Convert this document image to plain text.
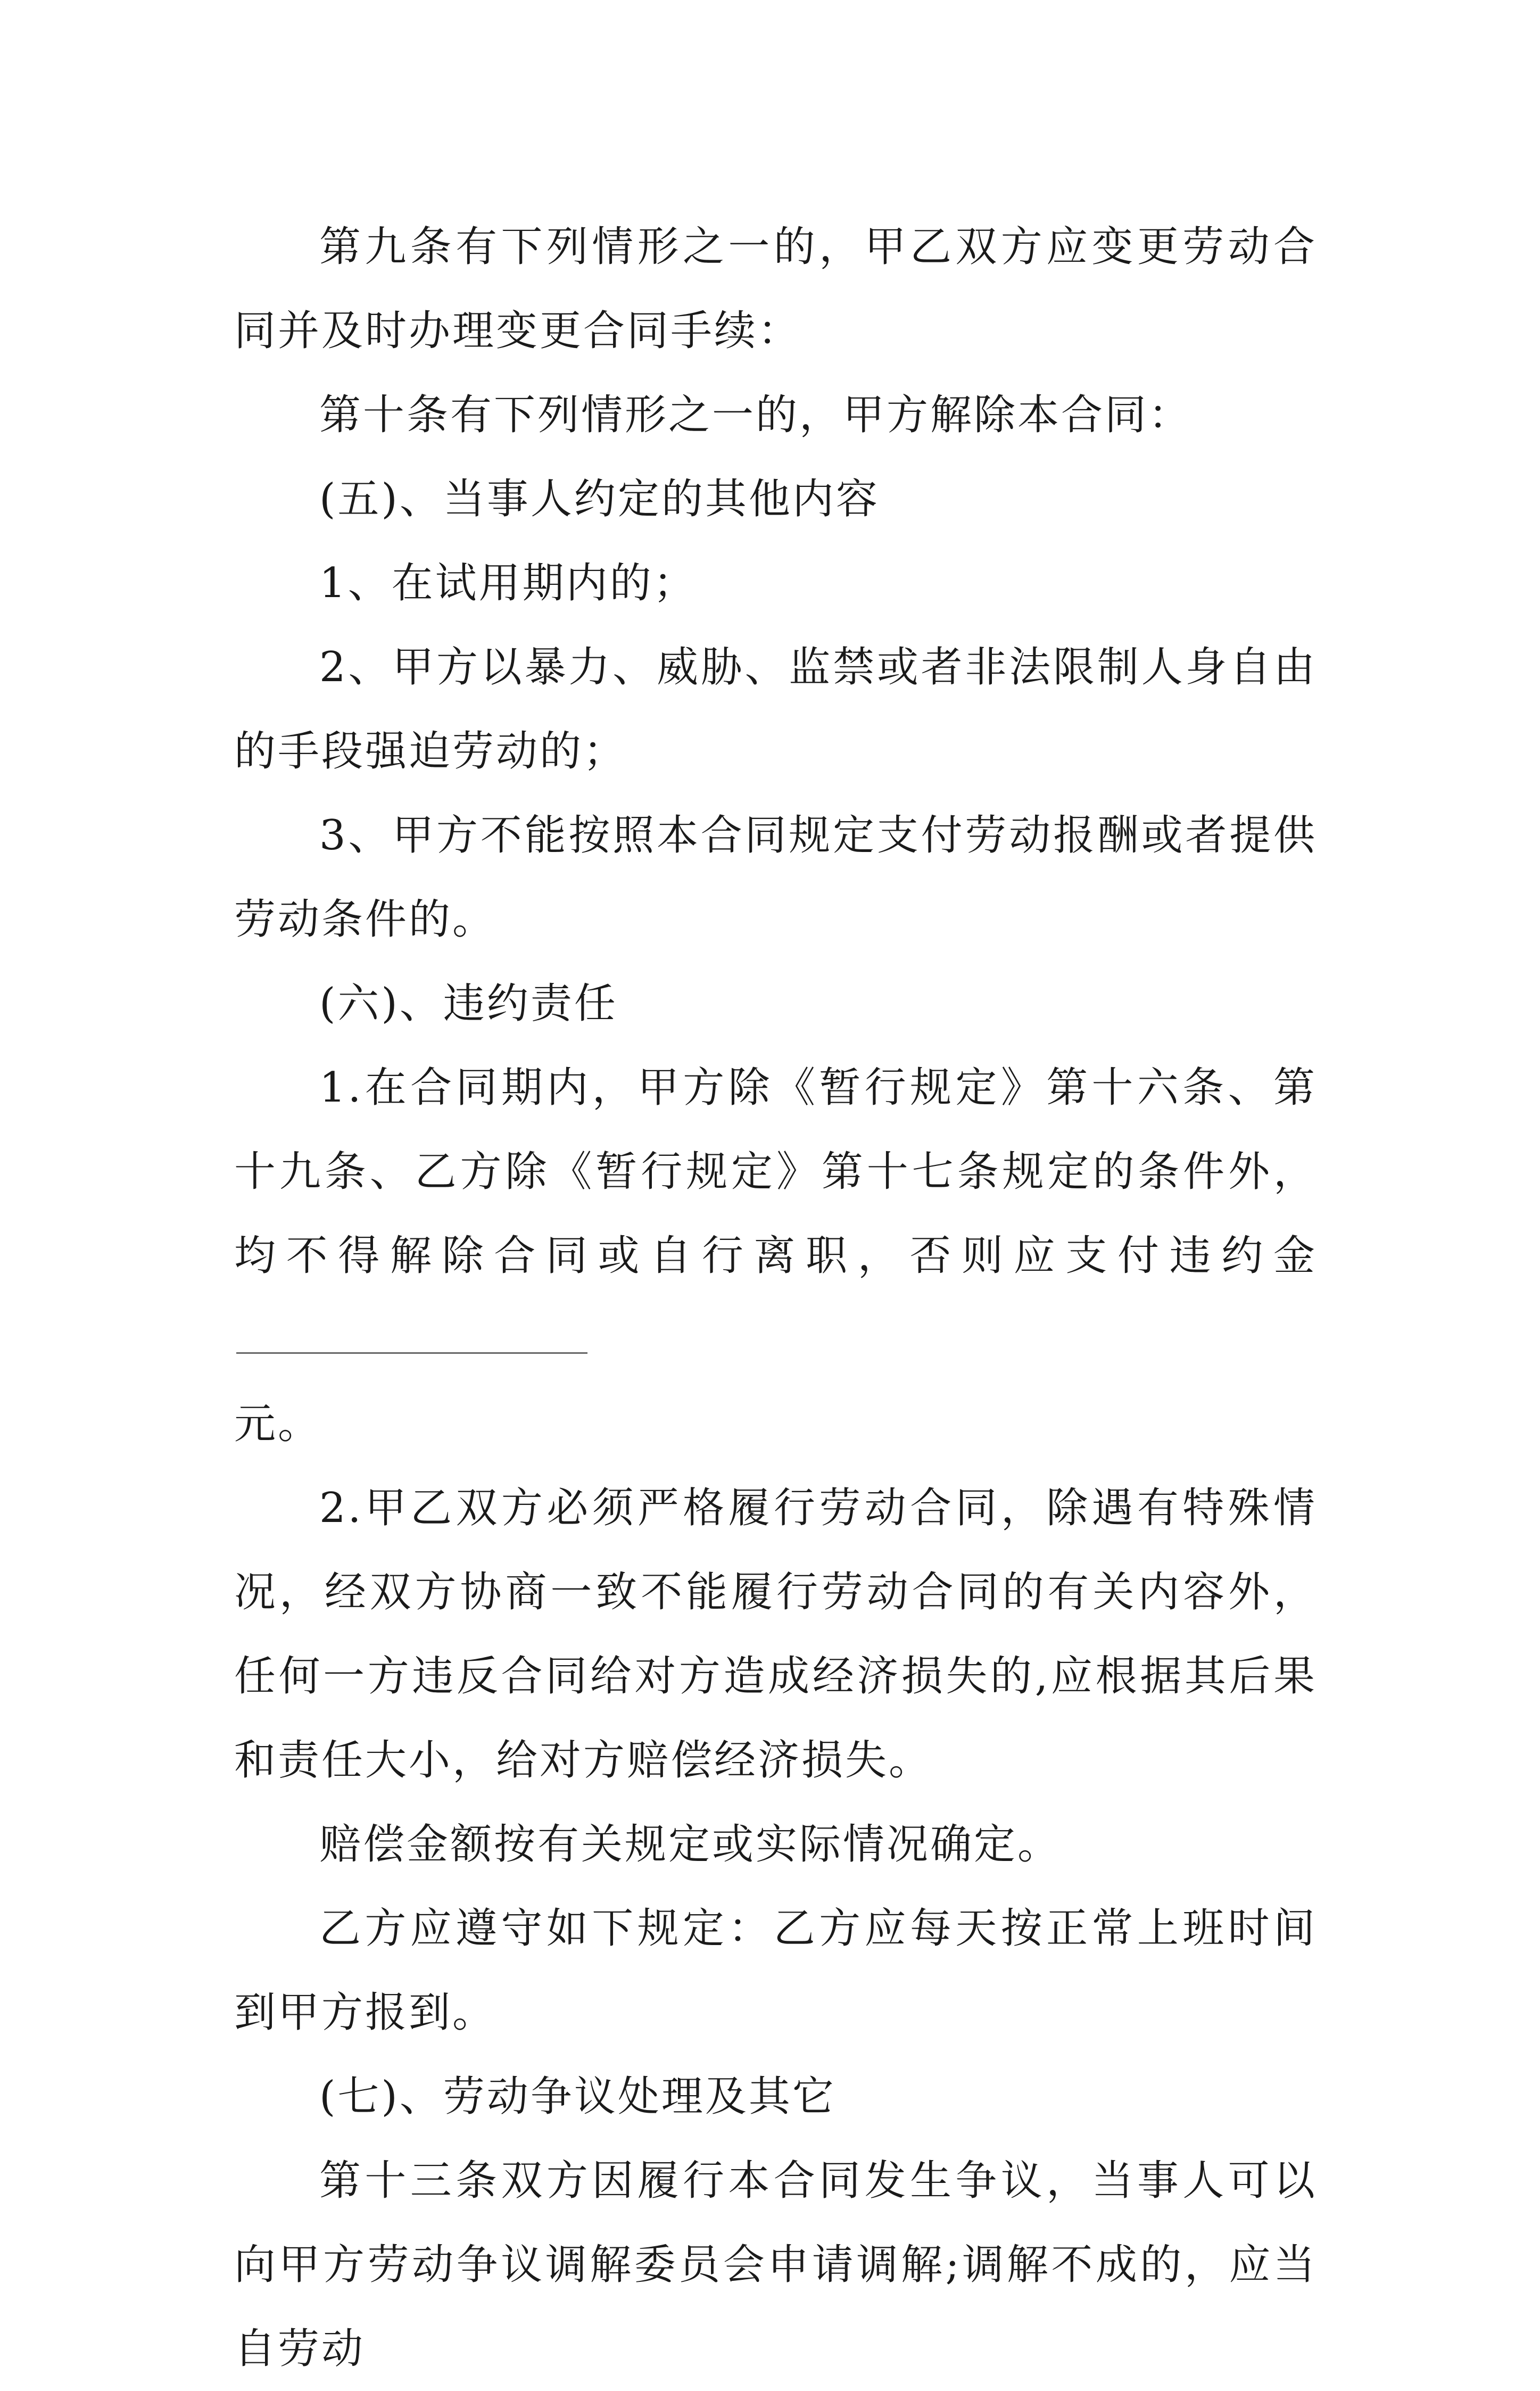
第九条有下列情形之一的，甲乙双方应变更劳动合同并及时办理变更合同手续：

第十条有下列情形之一的，甲方解除本合同：

(五)、当事人约定的其他内容

1、在试用期内的；

2、甲方以暴力、威胁、监禁或者非法限制人身自由的手段强迫劳动的；

3、甲方不能按照本合同规定支付劳动报酬或者提供劳动条件的。

(六)、违约责任

1.在合同期内，甲方除《暂行规定》第十六条、第十九条、乙方除《暂行规定》第十七条规定的条件外，均不得解除合同或自行离职，否则应支付违约金
元。

2.甲乙双方必须严格履行劳动合同，除遇有特殊情况，经双方协商一致不能履行劳动合同的有关内容外，任何一方违反合同给对方造成经济损失的,应根据其后果和责任大小，给对方赔偿经济损失。

赔偿金额按有关规定或实际情况确定。

乙方应遵守如下规定：乙方应每天按正常上班时间到甲方报到。

(七)、劳动争议处理及其它

第十三条双方因履行本合同发生争议，当事人可以向甲方劳动争议调解委员会申请调解;调解不成的，应当自劳动
